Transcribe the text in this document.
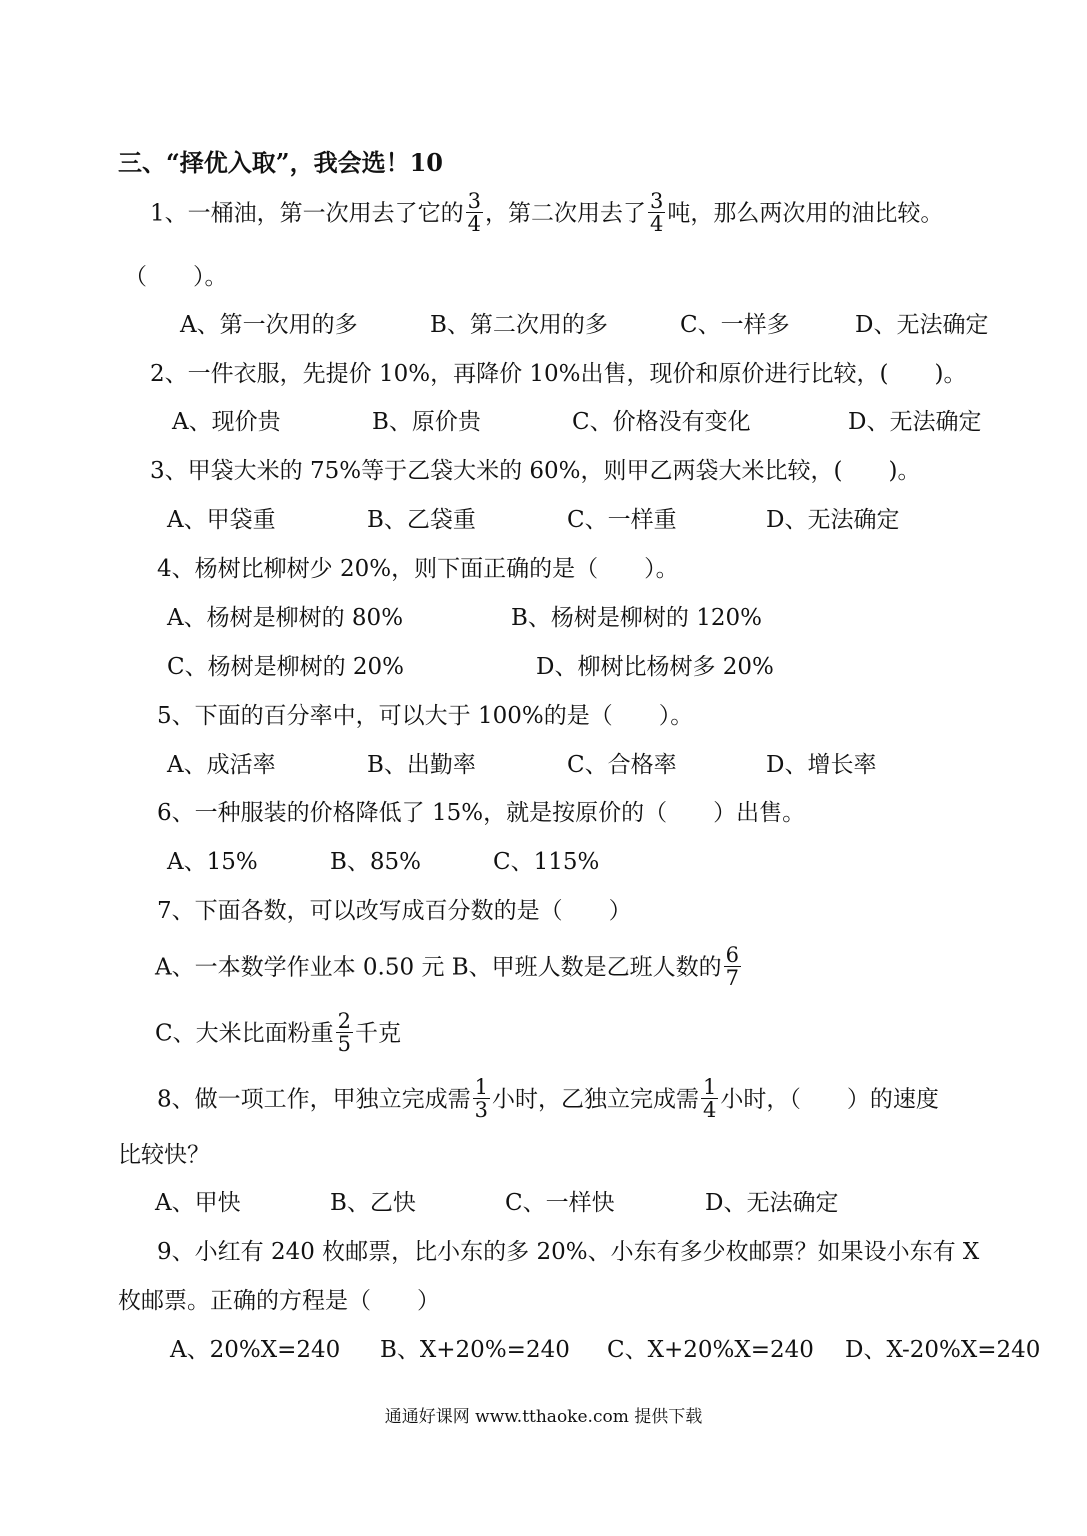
三、“择优入取”，我会选！10
1、一桶油，第一次用去了它的 $\frac{3}{4}$ ，第二次用去了 $\frac{3}{4}$ 吨，那么两次用的油比较。
（　　）。
A、第一次用的多	B、第二次用的多	C、一样多	D、无法确定
2、一件衣服，先提价 10%，再降价 10%出售，现价和原价进行比较，(　　)。
A、现价贵	B、原价贵	C、价格没有变化	D、无法确定
3、甲袋大米的 75%等于乙袋大米的 60%，则甲乙两袋大米比较，(　　)。
A、甲袋重	B、乙袋重	C、一样重	D、无法确定
4、杨树比柳树少 20%，则下面正确的是（　　）。
A、杨树是柳树的 80%	B、杨树是柳树的 120%
C、杨树是柳树的 20%	D、柳树比杨树多 20%
5、下面的百分率中，可以大于 100%的是（　　）。
A、成活率	B、出勤率	C、合格率	D、增长率
6、一种服装的价格降低了 15%，就是按原价的（　　）出售。
A、15%	B、85%	C、115%
7、下面各数，可以改写成百分数的是（　　）
A、一本数学作业本 0.50 元 B、甲班人数是乙班人数的 $\frac{6}{7}$
C、大米比面粉重 $\frac{2}{5}$ 千克
8、做一项工作，甲独立完成需 $\frac{1}{3}$ 小时，乙独立完成需 $\frac{1}{4}$ 小时，（　　）的速度
比较快？
A、甲快	B、乙快	C、一样快	D、无法确定
9、小红有 240 枚邮票，比小东的多 20%、小东有多少枚邮票？如果设小东有 X
枚邮票。正确的方程是（　　）
A、20%X=240 B、X+20%=240 C、X+20%X=240 D、X-20%X=240
通通好课网 www.tthaoke.com 提供下载
